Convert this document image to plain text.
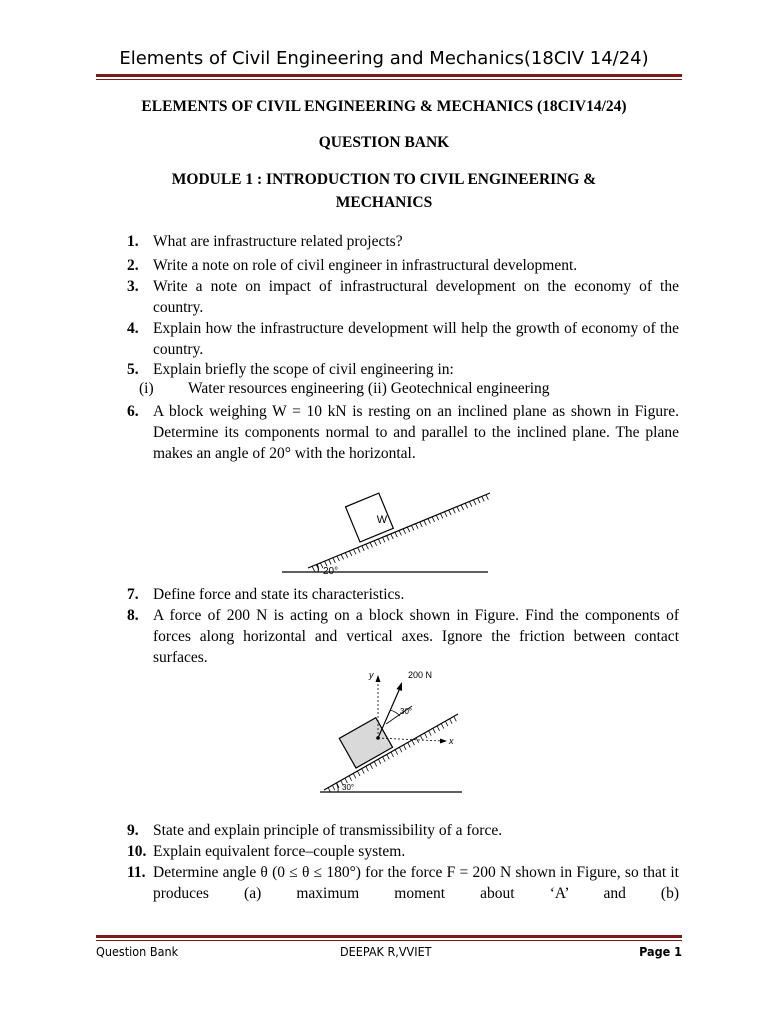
Elements of Civil Engineering and Mechanics(18CIV 14/24)
ELEMENTS OF CIVIL ENGINEERING & MECHANICS (18CIV14/24)
QUESTION BANK
MODULE 1 : INTRODUCTION TO CIVIL ENGINEERING &
MECHANICS
1. What are infrastructure related projects?
2. Write a note on role of civil engineer in infrastructural development.
3. Write a note on impact of infrastructural development on the economy of the country.
4. Explain how the infrastructure development will help the growth of economy of the country.
5. Explain briefly the scope of civil engineering in:
(i) Water resources engineering (ii) Geotechnical engineering
6. A block weighing W = 10 kN is resting on an inclined plane as shown in Figure. Determine its components normal to and parallel to the inclined plane. The plane makes an angle of 20° with the horizontal.
W
20°
7. Define force and state its characteristics.
8. A force of 200 N is acting on a block shown in Figure. Find the components of forces along horizontal and vertical axes. Ignore the friction between contact surfaces.
y
x
200 N
30°
30°
9. State and explain principle of transmissibility of a force.
10. Explain equivalent force–couple system.
11. Determine angle θ (0 ≤ θ ≤ 180°) for the force F = 200 N shown in Figure, so that it produces (a) maximum moment about ‘A’ and (b)
Question Bank	DEEPAK R,VVIET	Page 1
